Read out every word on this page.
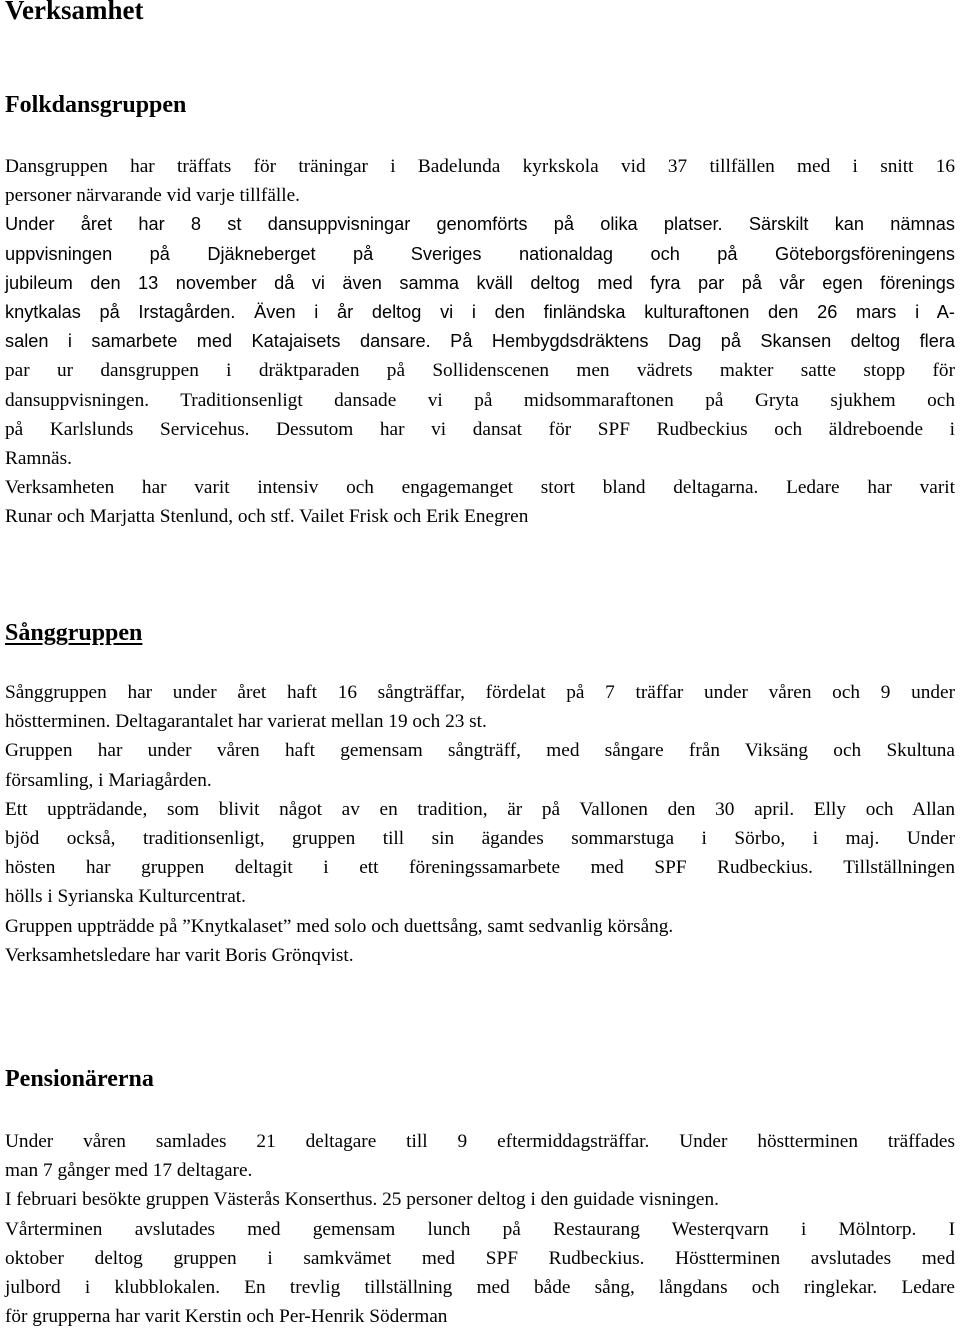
Verksamhet
Folkdansgruppen

Dansgruppen har träffats för träningar i Badelunda kyrkskola vid 37 tillfällen med i snitt 16

personer närvarande vid varje tillfälle.

Under året har 8 st dansuppvisningar genomförts på olika platser. Särskilt kan nämnas

uppvisningen på Djäkneberget på Sveriges nationaldag och på Göteborgsföreningens

jubileum den 13 november då vi även samma kväll deltog med fyra par på vår egen förenings

knytkalas på Irstagården. Även i år deltog vi i den finländska kulturaftonen den 26 mars i A-

salen i samarbete med Katajaisets dansare. På Hembygdsdräktens Dag på Skansen deltog flera

par ur dansgruppen i dräktparaden på Sollidenscenen men vädrets makter satte stopp för

dansuppvisningen. Traditionsenligt dansade vi på midsommaraftonen på Gryta sjukhem och

på Karlslunds Servicehus. Dessutom har vi dansat för SPF Rudbeckius och äldreboende i

Ramnäs.

Verksamheten har varit intensiv och engagemanget stort bland deltagarna. Ledare har varit

Runar och Marjatta Stenlund, och stf. Vailet Frisk och Erik Enegren

Sånggruppen

Sånggruppen har under året haft 16 sångträffar, fördelat på 7 träffar under våren och 9 under

höstterminen. Deltagarantalet har varierat mellan 19 och 23 st.

Gruppen har under våren haft gemensam sångträff, med sångare från Viksäng och Skultuna

församling, i Mariagården.

Ett uppträdande, som blivit något av en tradition, är på Vallonen den 30 april. Elly och Allan

bjöd också, traditionsenligt, gruppen till sin ägandes sommarstuga i Sörbo, i maj. Under

hösten har gruppen deltagit i ett föreningssamarbete med SPF Rudbeckius. Tillställningen

hölls i Syrianska Kulturcentrat.

Gruppen uppträdde på ”Knytkalaset” med solo och duettsång, samt sedvanlig körsång.

Verksamhetsledare har varit Boris Grönqvist.

Pensionärerna

Under våren samlades 21 deltagare till 9 eftermiddagsträffar. Under höstterminen träffades

man 7 gånger med 17 deltagare.

I februari besökte gruppen Västerås Konserthus. 25 personer deltog i den guidade visningen.

Vårterminen avslutades med gemensam lunch på Restaurang Westerqvarn i Mölntorp. I

oktober deltog gruppen i samkvämet med SPF Rudbeckius. Höstterminen avslutades med

julbord i klubblokalen. En trevlig tillställning med både sång, långdans och ringlekar. Ledare

för grupperna har varit Kerstin och Per-Henrik Söderman
